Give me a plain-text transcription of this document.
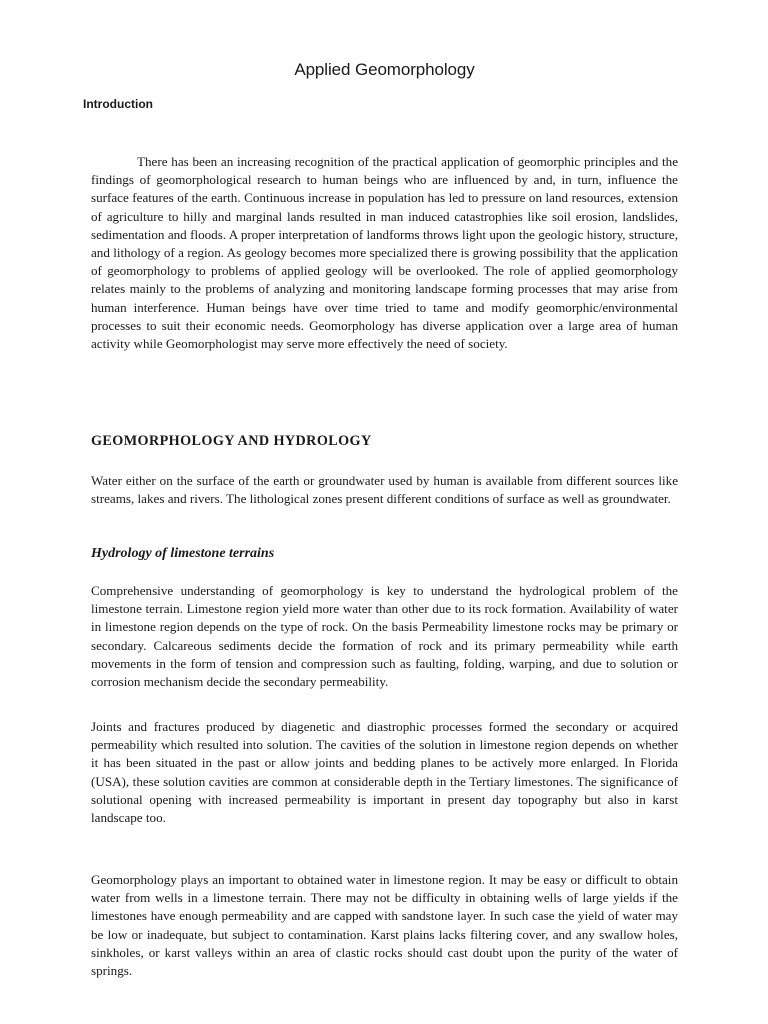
Applied Geomorphology
Introduction

There has been an increasing recognition of the practical application of geomorphic principles and the findings of geomorphological research to human beings who are influenced by and, in turn, influence the surface features of the earth. Continuous increase in population has led to pressure on land resources, extension of agriculture to hilly and marginal lands resulted in man induced catastrophies like soil erosion, landslides, sedimentation and floods. A proper interpretation of landforms throws light upon the geologic history, structure, and lithology of a region. As geology becomes more specialized there is growing possibility that the application of geomorphology to problems of applied geology will be overlooked. The role of applied geomorphology relates mainly to the problems of analyzing and monitoring landscape forming processes that may arise from human interference. Human beings have over time tried to tame and modify geomorphic/environmental processes to suit their economic needs. Geomorphology has diverse application over a large area of human activity while Geomorphologist may serve more effectively the need of society.

GEOMORPHOLOGY AND HYDROLOGY

Water either on the surface of the earth or groundwater used by human is available from different sources like streams, lakes and rivers. The lithological zones present different conditions of surface as well as groundwater.

Hydrology of limestone terrains

Comprehensive understanding of geomorphology is key to understand the hydrological problem of the limestone terrain. Limestone region yield more water than other due to its rock formation. Availability of water in limestone region depends on the type of rock. On the basis Permeability limestone rocks may be primary or secondary. Calcareous sediments decide the formation of rock and its primary permeability while earth movements in the form of tension and compression such as faulting, folding, warping, and due to solution or corrosion mechanism decide the secondary permeability.

Joints and fractures produced by diagenetic and diastrophic processes formed the secondary or acquired permeability which resulted into solution. The cavities of the solution in limestone region depends on whether it has been situated in the past or allow joints and bedding planes to be actively more enlarged. In Florida (USA), these solution cavities are common at considerable depth in the Tertiary limestones. The significance of solutional opening with increased permeability is important in present day topography but also in karst landscape too.

Geomorphology plays an important to obtained water in limestone region. It may be easy or difficult to obtain water from wells in a limestone terrain. There may not be difficulty in obtaining wells of large yields if the limestones have enough permeability and are capped with sandstone layer. In such case the yield of water may be low or inadequate, but subject to contamination. Karst plains lacks filtering cover, and any swallow holes, sinkholes, or karst valleys within an area of clastic rocks should cast doubt upon the purity of the water of springs.
